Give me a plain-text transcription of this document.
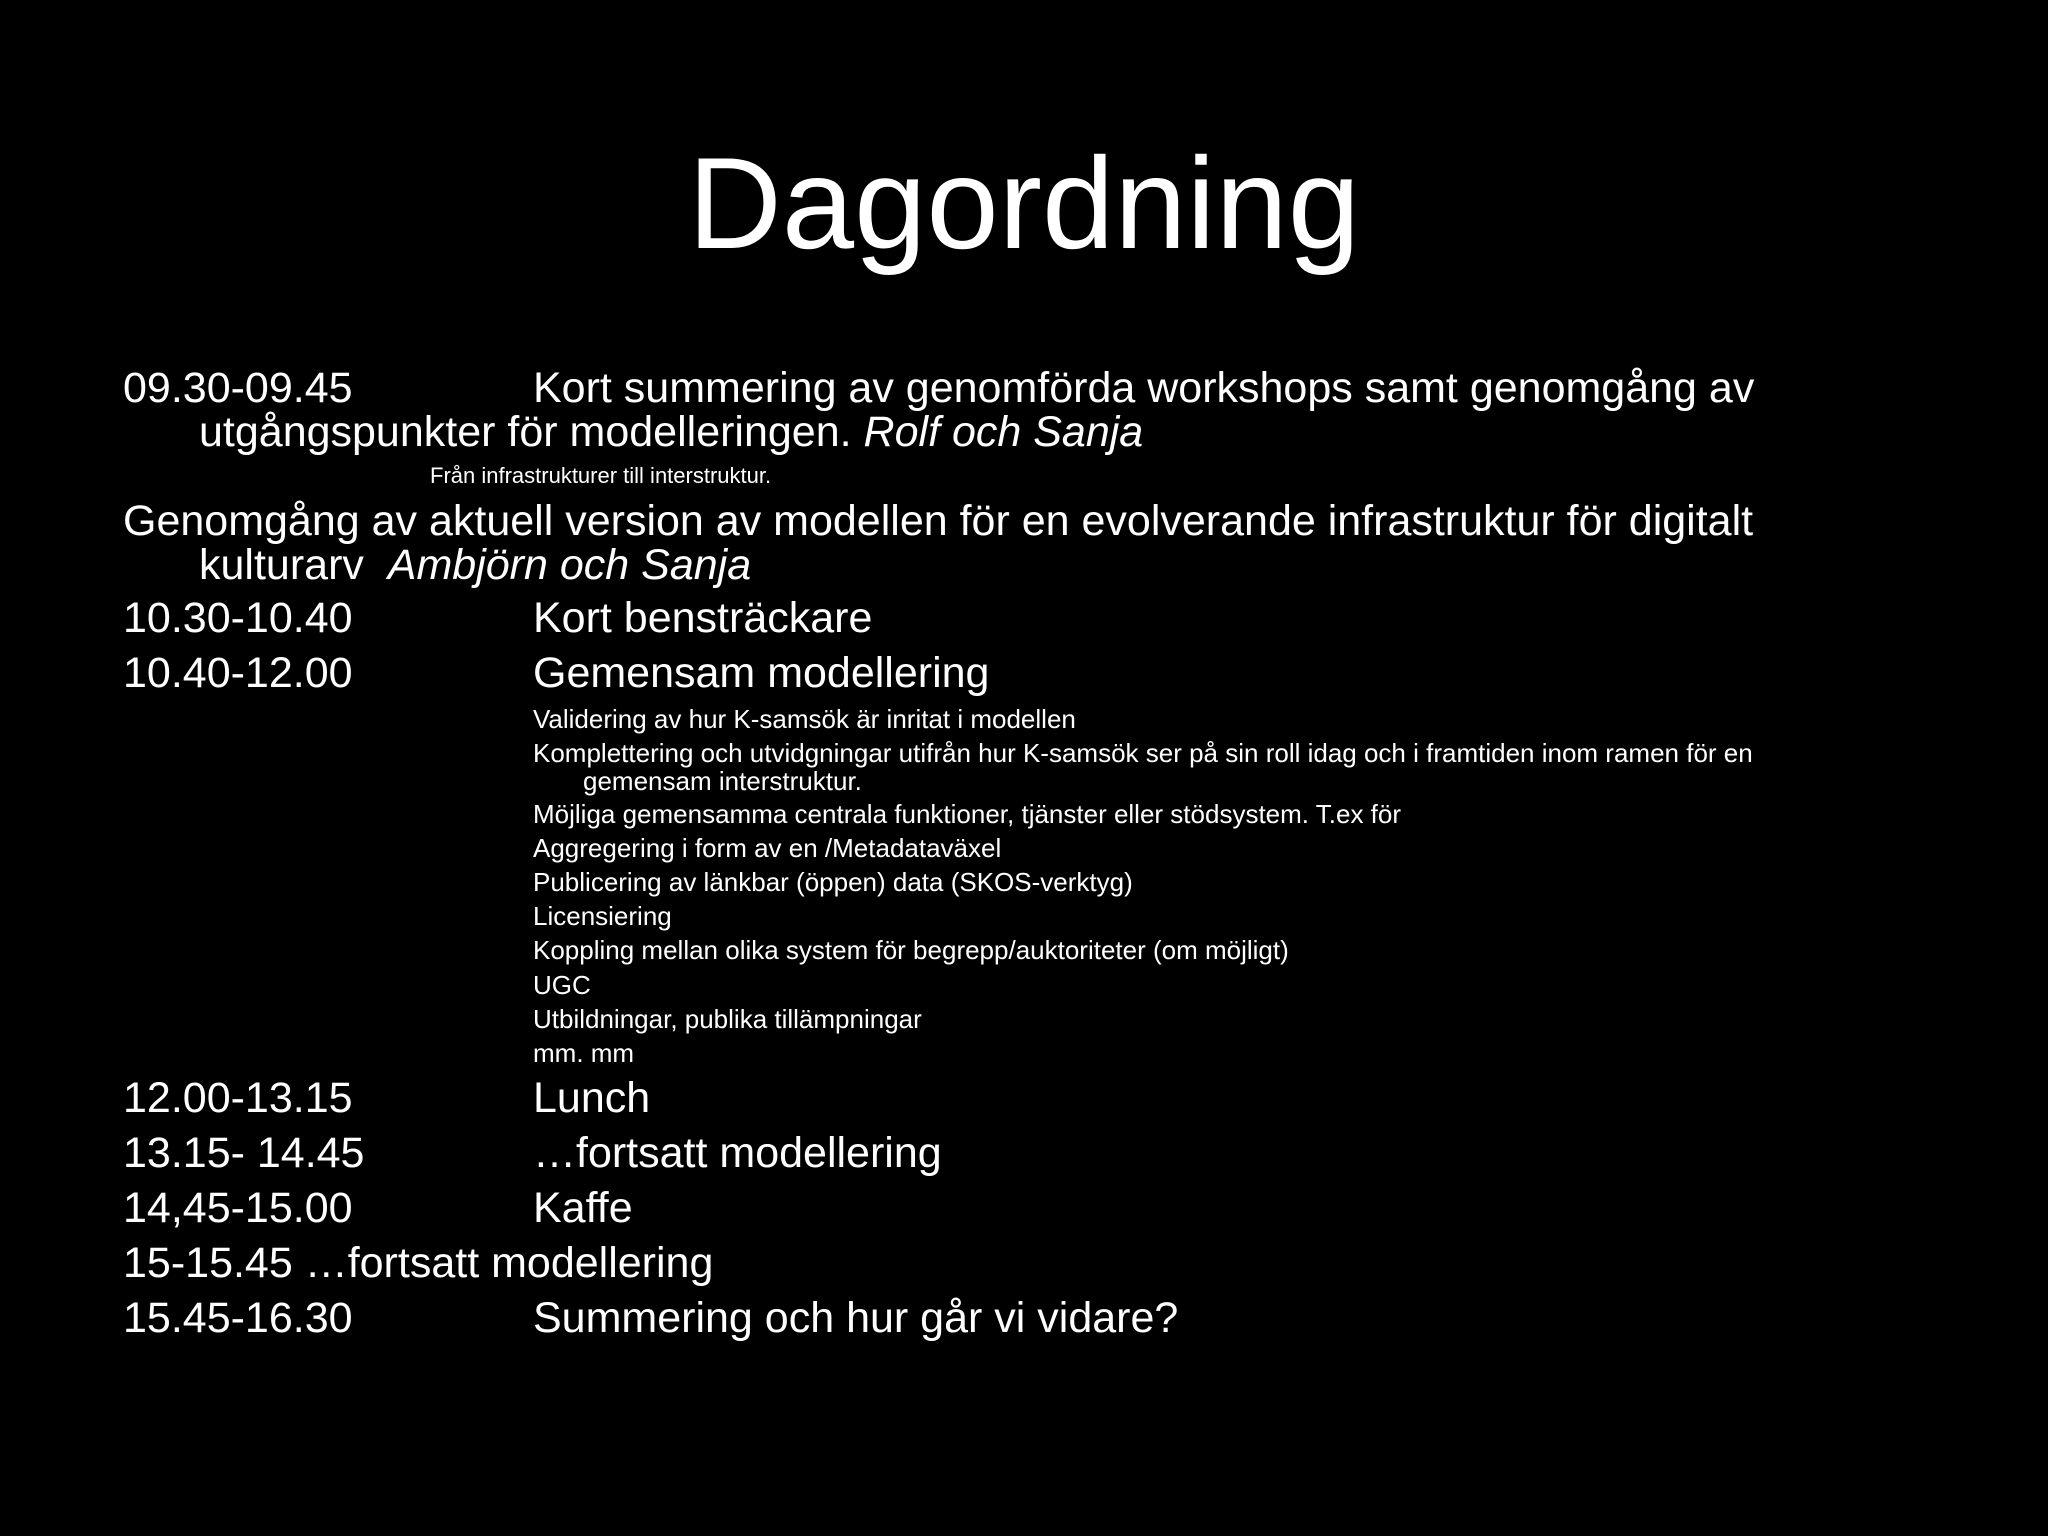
Dagordning
09.30-09.45	Kort summering av genomförda workshops samt genomgång av
utgångspunkter för modelleringen. Rolf och Sanja
Från infrastrukturer till interstruktur.
Genomgång av aktuell version av modellen för en evolverande infrastruktur för digitalt
kulturarv Ambjörn och Sanja
10.30-10.40	Kort bensträckare
10.40-12.00	Gemensam modellering
Validering av hur K-samsök är inritat i modellen
Komplettering och utvidgningar utifrån hur K-samsök ser på sin roll idag och i framtiden inom ramen för en
gemensam interstruktur.
Möjliga gemensamma centrala funktioner, tjänster eller stödsystem. T.ex för
Aggregering i form av en /Metadataväxel
Publicering av länkbar (öppen) data (SKOS-verktyg)
Licensiering
Koppling mellan olika system för begrepp/auktoriteter (om möjligt)
UGC
Utbildningar, publika tillämpningar
mm. mm
12.00-13.15	Lunch
13.15- 14.45	…fortsatt modellering
14,45-15.00	Kaffe
15-15.45 …fortsatt modellering
15.45-16.30	Summering och hur går vi vidare?
